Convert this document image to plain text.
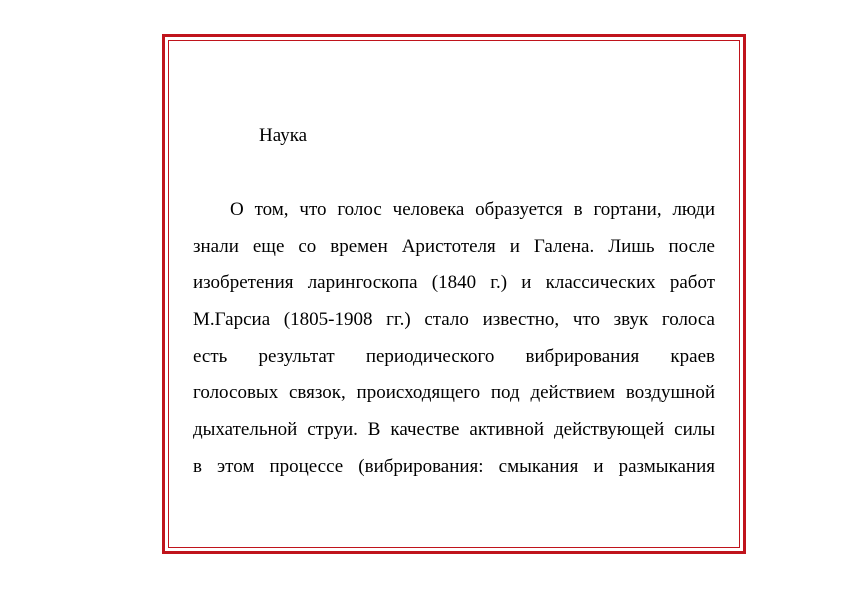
Наука
О том, что голос человека образуется в гортани, люди
знали еще со времен Аристотеля и Галена. Лишь после
изобретения ларингоскопа (1840 г.) и классических работ
М.Гарсиа (1805-1908 гг.) стало известно, что звук голоса
есть результат периодического вибрирования краев
голосовых связок, происходящего под действием воздушной
дыхательной струи. В качестве активной действующей силы
в этом процессе (вибрирования: смыкания и размыкания
